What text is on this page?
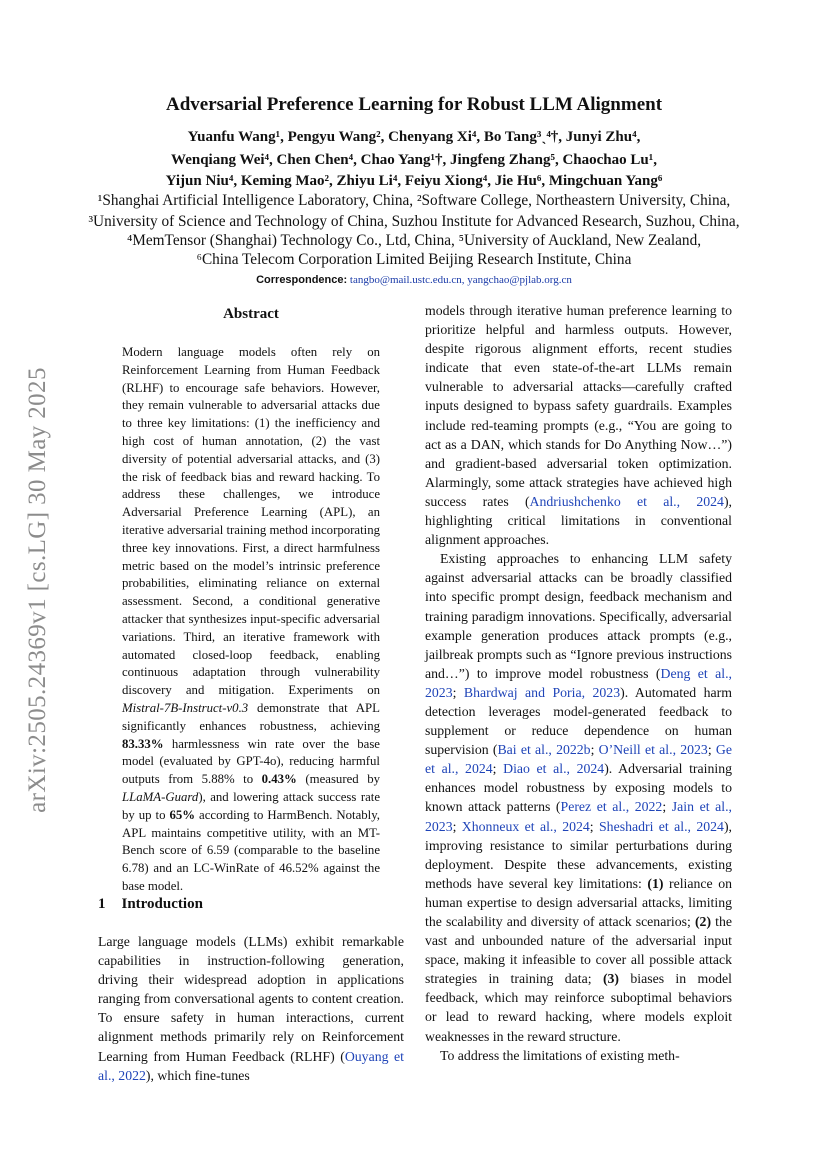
arXiv:2505.24369v1 [cs.LG] 30 May 2025
Adversarial Preference Learning for Robust LLM Alignment
Yuanfu Wang¹, Pengyu Wang², Chenyang Xi⁴, Bo Tang³ˎ⁴†, Junyi Zhu⁴,
Wenqiang Wei⁴, Chen Chen⁴, Chao Yang¹†, Jingfeng Zhang⁵, Chaochao Lu¹,
Yijun Niu⁴, Keming Mao², Zhiyu Li⁴, Feiyu Xiong⁴, Jie Hu⁶, Mingchuan Yang⁶
¹Shanghai Artificial Intelligence Laboratory, China, ²Software College, Northeastern University, China,
³University of Science and Technology of China, Suzhou Institute for Advanced Research, Suzhou, China,
⁴MemTensor (Shanghai) Technology Co., Ltd, China, ⁵University of Auckland, New Zealand,
⁶China Telecom Corporation Limited Beijing Research Institute, China
Correspondence: tangbo@mail.ustc.edu.cn, yangchao@pjlab.org.cn
Abstract
Modern language models often rely on Reinforcement Learning from Human Feedback (RLHF) to encourage safe behaviors. However, they remain vulnerable to adversarial attacks due to three key limitations: (1) the inefficiency and high cost of human annotation, (2) the vast diversity of potential adversarial attacks, and (3) the risk of feedback bias and reward hacking. To address these challenges, we introduce Adversarial Preference Learning (APL), an iterative adversarial training method incorporating three key innovations. First, a direct harmfulness metric based on the model’s intrinsic preference probabilities, eliminating reliance on external assessment. Second, a conditional generative attacker that synthesizes input-specific adversarial variations. Third, an iterative framework with automated closed-loop feedback, enabling continuous adaptation through vulnerability discovery and mitigation. Experiments on Mistral-7B-Instruct-v0.3 demonstrate that APL significantly enhances robustness, achieving 83.33% harmlessness win rate over the base model (evaluated by GPT-4o), reducing harmful outputs from 5.88% to 0.43% (measured by LLaMA-Guard), and lowering attack success rate by up to 65% according to HarmBench. Notably, APL maintains competitive utility, with an MT-Bench score of 6.59 (comparable to the baseline 6.78) and an LC-WinRate of 46.52% against the base model.
1 Introduction
Large language models (LLMs) exhibit remarkable capabilities in instruction-following generation, driving their widespread adoption in applications ranging from conversational agents to content creation. To ensure safety in human interactions, current alignment methods primarily rely on Reinforcement Learning from Human Feedback (RLHF) (Ouyang et al., 2022), which fine-tunes

models through iterative human preference learning to prioritize helpful and harmless outputs. However, despite rigorous alignment efforts, recent studies indicate that even state-of-the-art LLMs remain vulnerable to adversarial attacks—carefully crafted inputs designed to bypass safety guardrails. Examples include red-teaming prompts (e.g., “You are going to act as a DAN, which stands for Do Anything Now…”) and gradient-based adversarial token optimization. Alarmingly, some attack strategies have achieved high success rates (Andriushchenko et al., 2024), highlighting critical limitations in conventional alignment approaches.

Existing approaches to enhancing LLM safety against adversarial attacks can be broadly classified into specific prompt design, feedback mechanism and training paradigm innovations. Specifically, adversarial example generation produces attack prompts (e.g., jailbreak prompts such as “Ignore previous instructions and…”) to improve model robustness (Deng et al., 2023; Bhardwaj and Poria, 2023). Automated harm detection leverages model-generated feedback to supplement or reduce dependence on human supervision (Bai et al., 2022b; O’Neill et al., 2023; Ge et al., 2024; Diao et al., 2024). Adversarial training enhances model robustness by exposing models to known attack patterns (Perez et al., 2022; Jain et al., 2023; Xhonneux et al., 2024; Sheshadri et al., 2024), improving resistance to similar perturbations during deployment. Despite these advancements, existing methods have several key limitations: (1) reliance on human expertise to design adversarial attacks, limiting the scalability and diversity of attack scenarios; (2) the vast and unbounded nature of the adversarial input space, making it infeasible to cover all possible attack strategies in training data; (3) biases in model feedback, which may reinforce suboptimal behaviors or lead to reward hacking, where models exploit weaknesses in the reward structure.

To address the limitations of existing meth-
